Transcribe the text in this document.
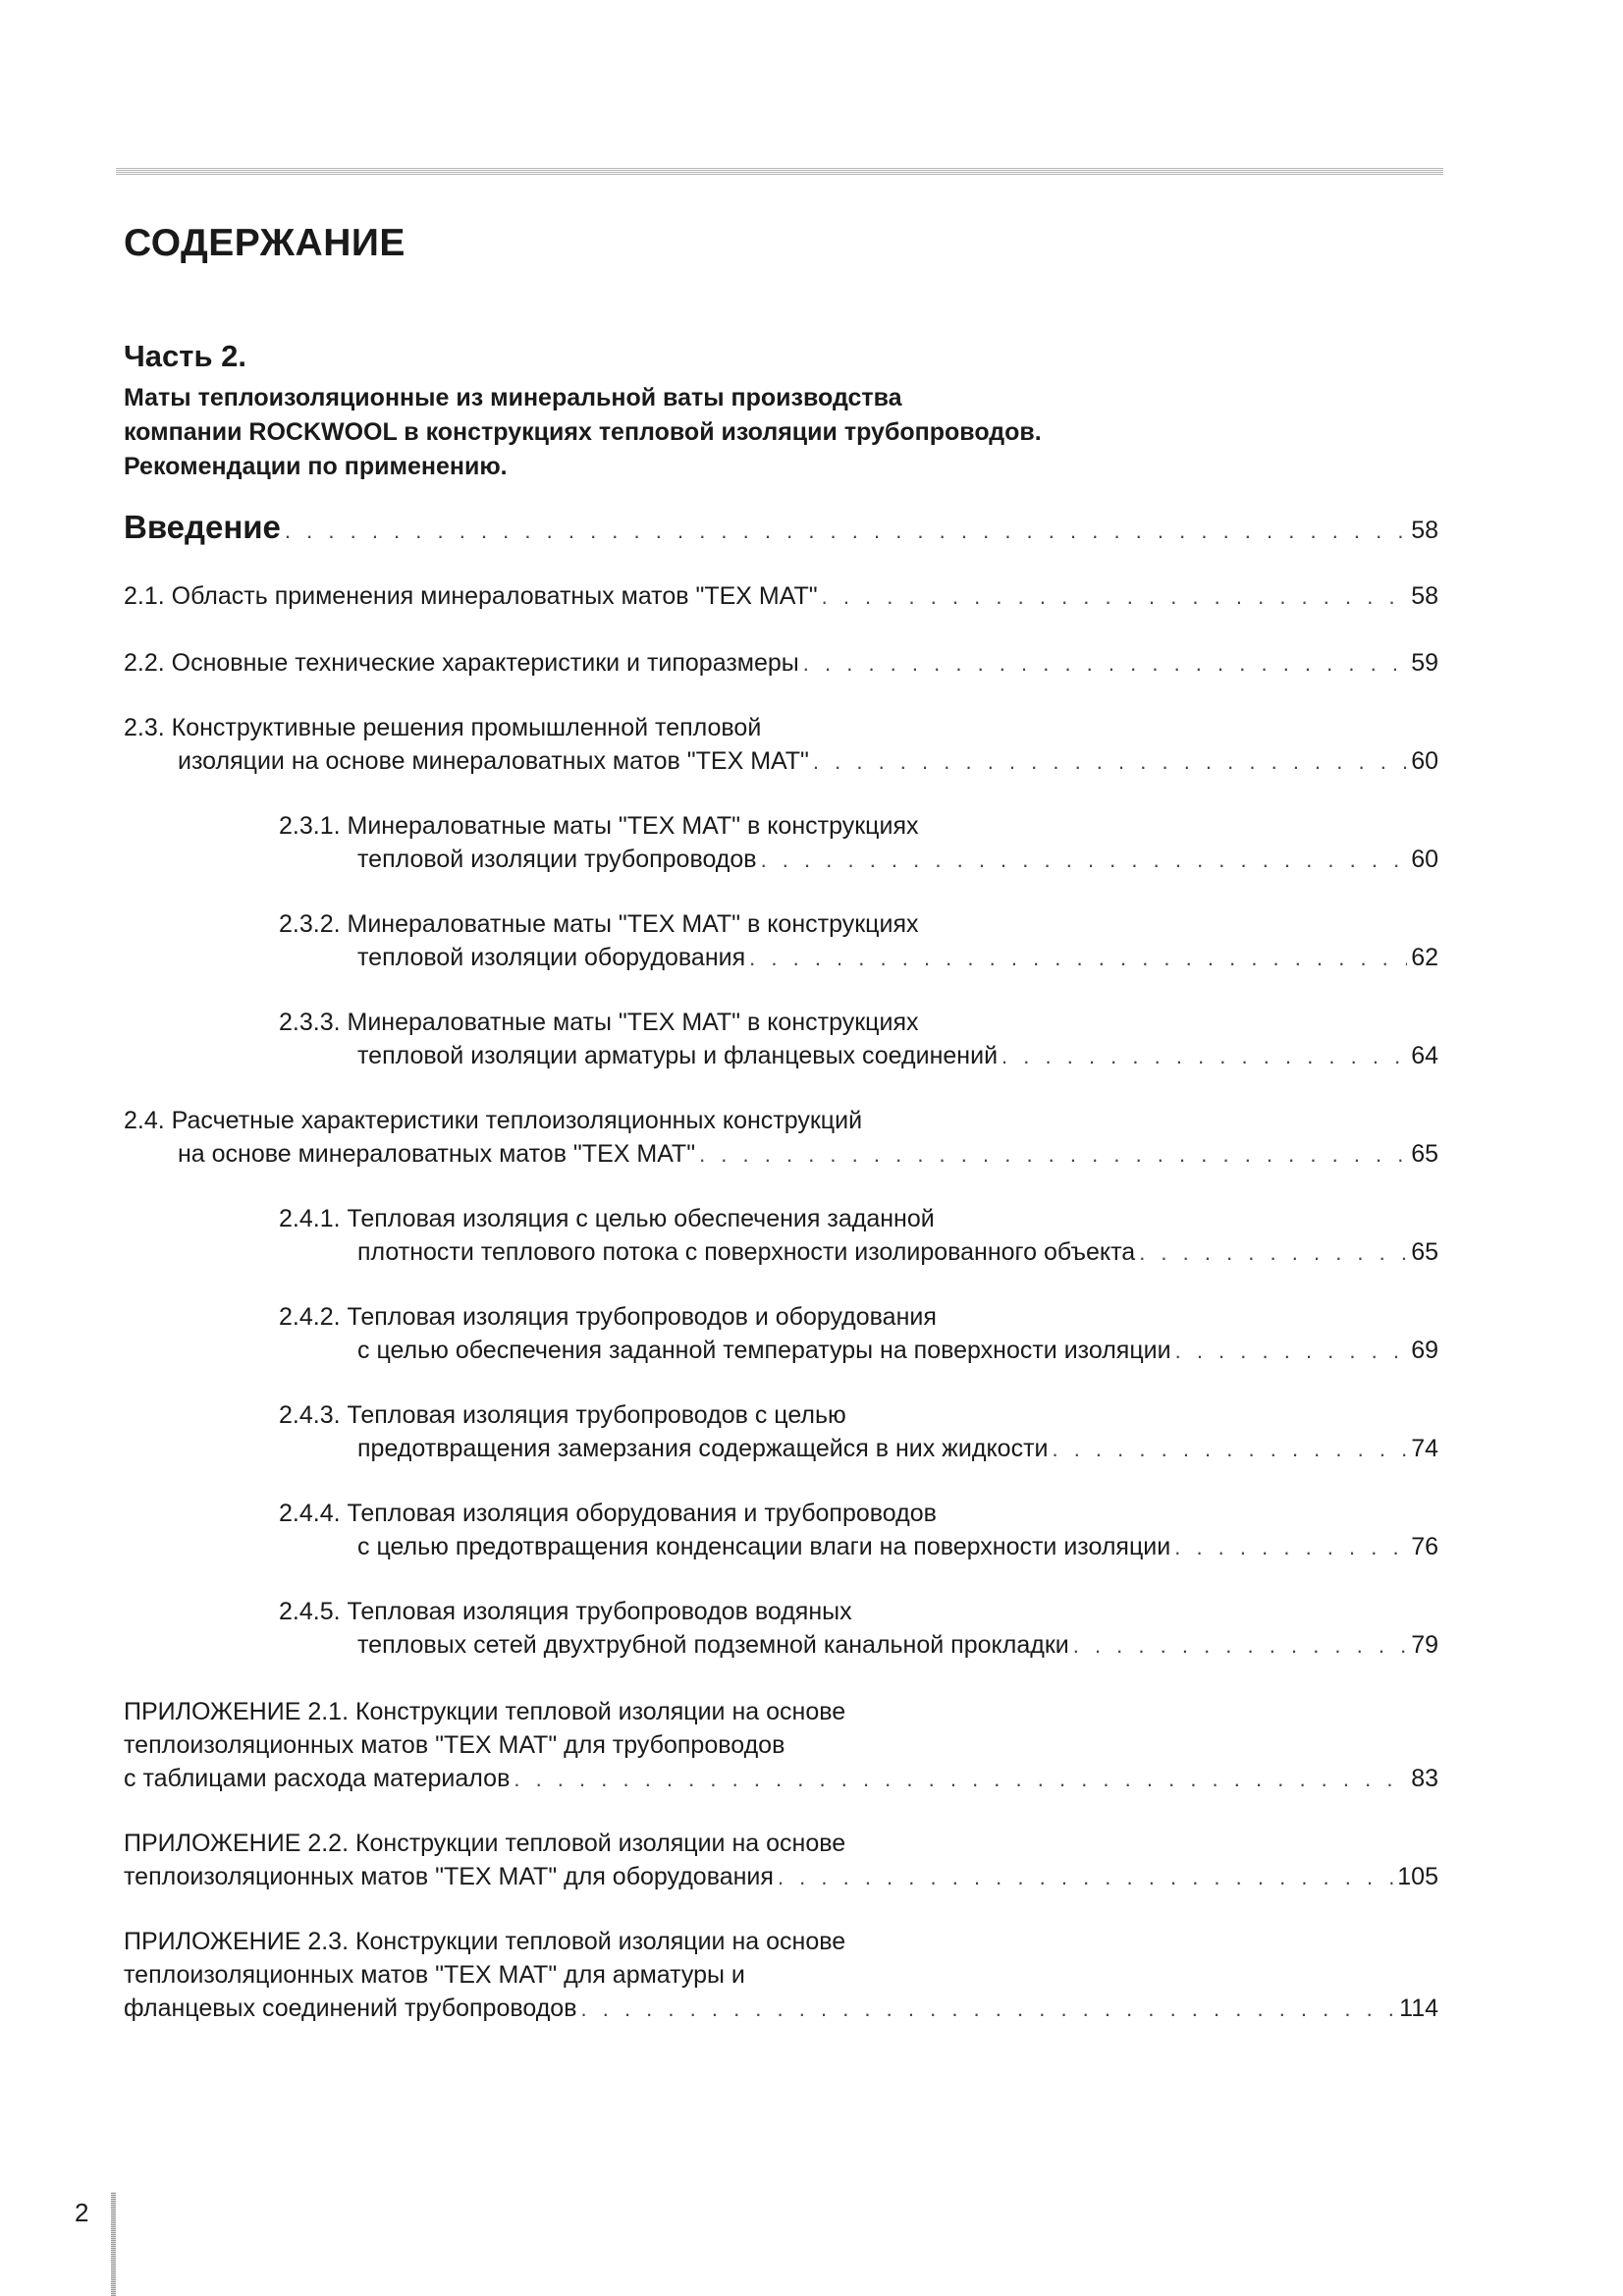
СОДЕРЖАНИЕ
Часть 2.
Маты теплоизоляционные из минеральной ваты производства
компании ROCKWOOL в конструкциях тепловой изоляции трубопроводов.
Рекомендации по применению.
Введение . . .	58
2.1. Область применения минераловатных матов "ТЕХ МАТ" . . .	58
2.2. Основные технические характеристики и типоразмеры . . .	59
2.3. Конструктивные решения промышленной тепловой
изоляции на основе минераловатных матов "ТЕХ МАТ" . . .	60
2.3.1. Минераловатные маты "ТЕХ МАТ" в конструкциях
тепловой изоляции трубопроводов . . .	60
2.3.2. Минераловатные маты "ТЕХ МАТ" в конструкциях
тепловой изоляции оборудования . . .	62
2.3.3. Минераловатные маты "ТЕХ МАТ" в конструкциях
тепловой изоляции арматуры и фланцевых соединений . . .	64
2.4. Расчетные характеристики теплоизоляционных конструкций
на основе минераловатных матов "ТЕХ МАТ" . . .	65
2.4.1. Тепловая изоляция с целью обеспечения заданной
плотности теплового потока с поверхности изолированного объекта . . .	65
2.4.2. Тепловая изоляция трубопроводов и оборудования
с целью обеспечения заданной температуры на поверхности изоляции . . .	69
2.4.3. Тепловая изоляция трубопроводов с целью
предотвращения замерзания содержащейся в них жидкости . . .	74
2.4.4. Тепловая изоляция оборудования и трубопроводов
с целью предотвращения конденсации влаги на поверхности изоляции . . .	76
2.4.5. Тепловая изоляция трубопроводов водяных
тепловых сетей двухтрубной подземной канальной прокладки . . .	79
ПРИЛОЖЕНИЕ 2.1. Конструкции тепловой изоляции на основе
теплоизоляционных матов "ТЕХ МАТ" для трубопроводов
с таблицами расхода материалов . . .	83
ПРИЛОЖЕНИЕ 2.2. Конструкции тепловой изоляции на основе
теплоизоляционных матов "ТЕХ МАТ" для оборудования . . .	105
ПРИЛОЖЕНИЕ 2.3. Конструкции тепловой изоляции на основе
теплоизоляционных матов "ТЕХ МАТ" для арматуры и
фланцевых соединений трубопроводов . . .	114
2
